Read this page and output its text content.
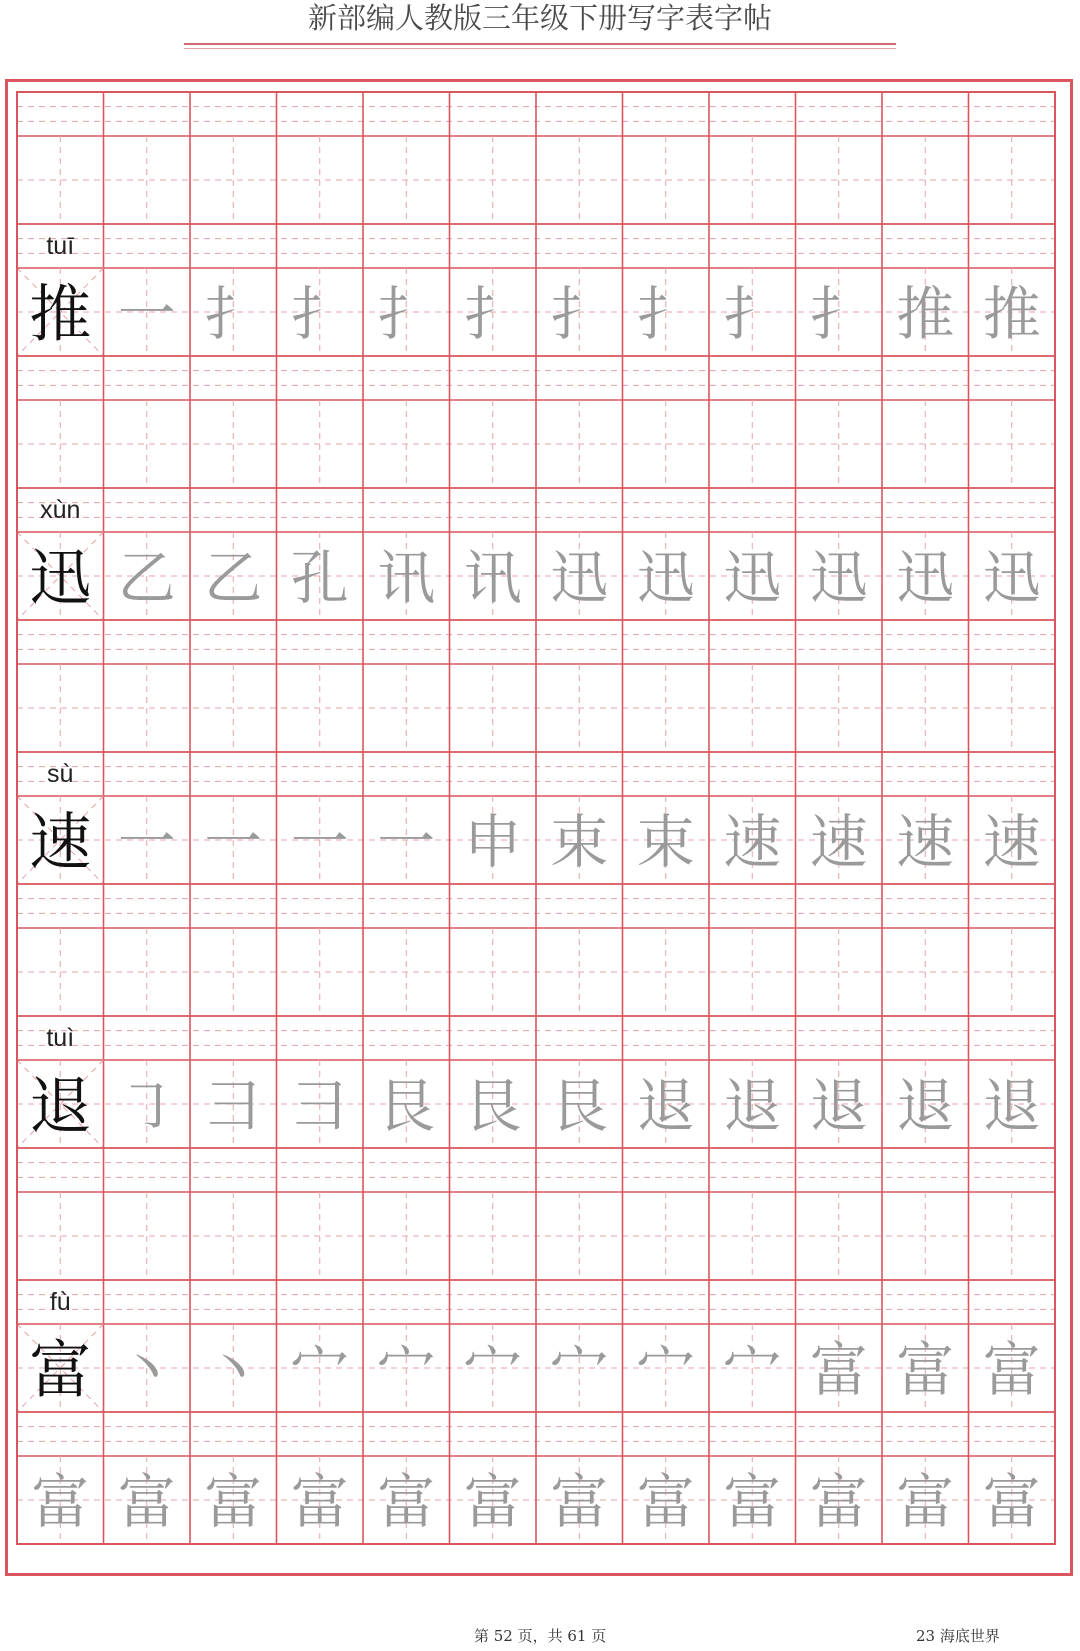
新部编人教版三年级下册写字表字帖
tuī
推 一 扌 扌 扌 扌 扌 扌 扌 扌 推 推
xùn
迅 乙 乙 孔 讯 讯 迅 迅 迅 迅 迅 迅
sù
速 一 一 一 一 申 束 束 速 速 速 速
tuì
退 ㇆ 彐 彐 艮 艮 艮 退 退 退 退 退
fù
富 丶 丶 宀 宀 宀 宀 宀 宀 富 富 富
富 富 富 富 富 富 富 富 富 富 富 富
第 52 页，共 61 页	23 海底世界
